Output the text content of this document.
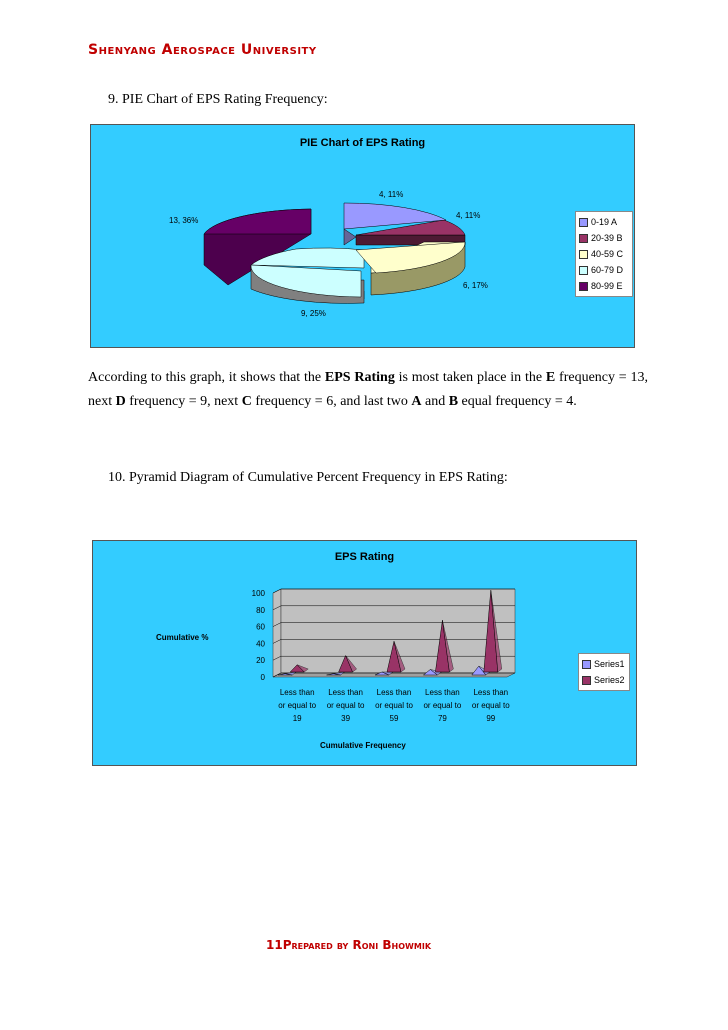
Shenyang Aerospace University
9. PIE Chart of EPS Rating Frequency:
PIE Chart of EPS Rating
4, 11%
4, 11%
6, 17%
9, 25%
13, 36%	0-19 A
20-39 B
40-59 C
60-79 D
80-99 E
According to this graph, it shows that the EPS Rating is most taken place in the E frequency = 13, next D frequency = 9, next C frequency = 6, and last two A and B equal frequency = 4.
10. Pyramid Diagram of Cumulative Percent Frequency in EPS Rating:
EPS Rating
Cumulative %
Cumulative Frequency
0
20
40
60
80
100
Less than
or equal to
19
Less than
or equal to
39
Less than
or equal to
59
Less than
or equal to
79
Less than
or equal to
99
Series1
Series2
11Prepared by Roni Bhowmik
